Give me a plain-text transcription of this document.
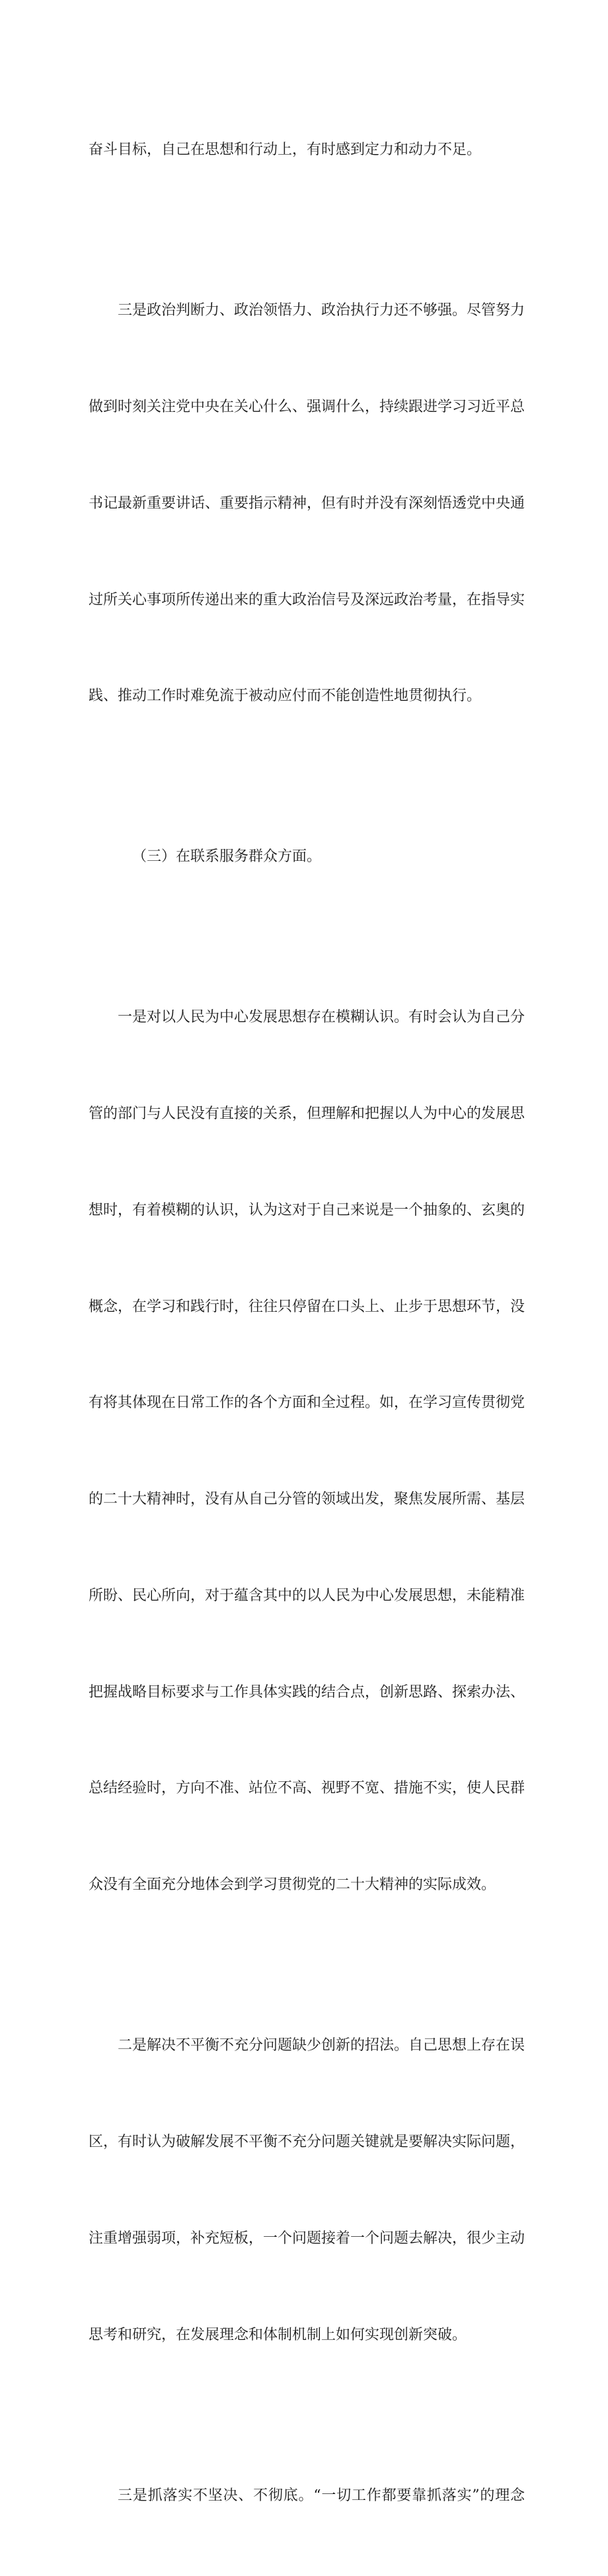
奋斗目标，自己在思想和行动上，有时感到定力和动力不足。

三是政治判断力、政治领悟力、政治执行力还不够强。尽管努力

做到时刻关注党中央在关心什么、强调什么，持续跟进学习习近平总

书记最新重要讲话、重要指示精神，但有时并没有深刻悟透党中央通

过所关心事项所传递出来的重大政治信号及深远政治考量，在指导实

践、推动工作时难免流于被动应付而不能创造性地贯彻执行。

（三）在联系服务群众方面。

一是对以人民为中心发展思想存在模糊认识。有时会认为自己分

管的部门与人民没有直接的关系，但理解和把握以人为中心的发展思

想时，有着模糊的认识，认为这对于自己来说是一个抽象的、玄奥的

概念，在学习和践行时，往往只停留在口头上、止步于思想环节，没

有将其体现在日常工作的各个方面和全过程。如，在学习宣传贯彻党

的二十大精神时，没有从自己分管的领域出发，聚焦发展所需、基层

所盼、民心所向，对于蕴含其中的以人民为中心发展思想，未能精准

把握战略目标要求与工作具体实践的结合点，创新思路、探索办法、

总结经验时，方向不准、站位不高、视野不宽、措施不实，使人民群

众没有全面充分地体会到学习贯彻党的二十大精神的实际成效。

二是解决不平衡不充分问题缺少创新的招法。自己思想上存在误

区，有时认为破解发展不平衡不充分问题关键就是要解决实际问题，

注重增强弱项，补充短板，一个问题接着一个问题去解决，很少主动

思考和研究，在发展理念和体制机制上如何实现创新突破。

三是抓落实不坚决、不彻底。“一切工作都要靠抓落实”的理念
